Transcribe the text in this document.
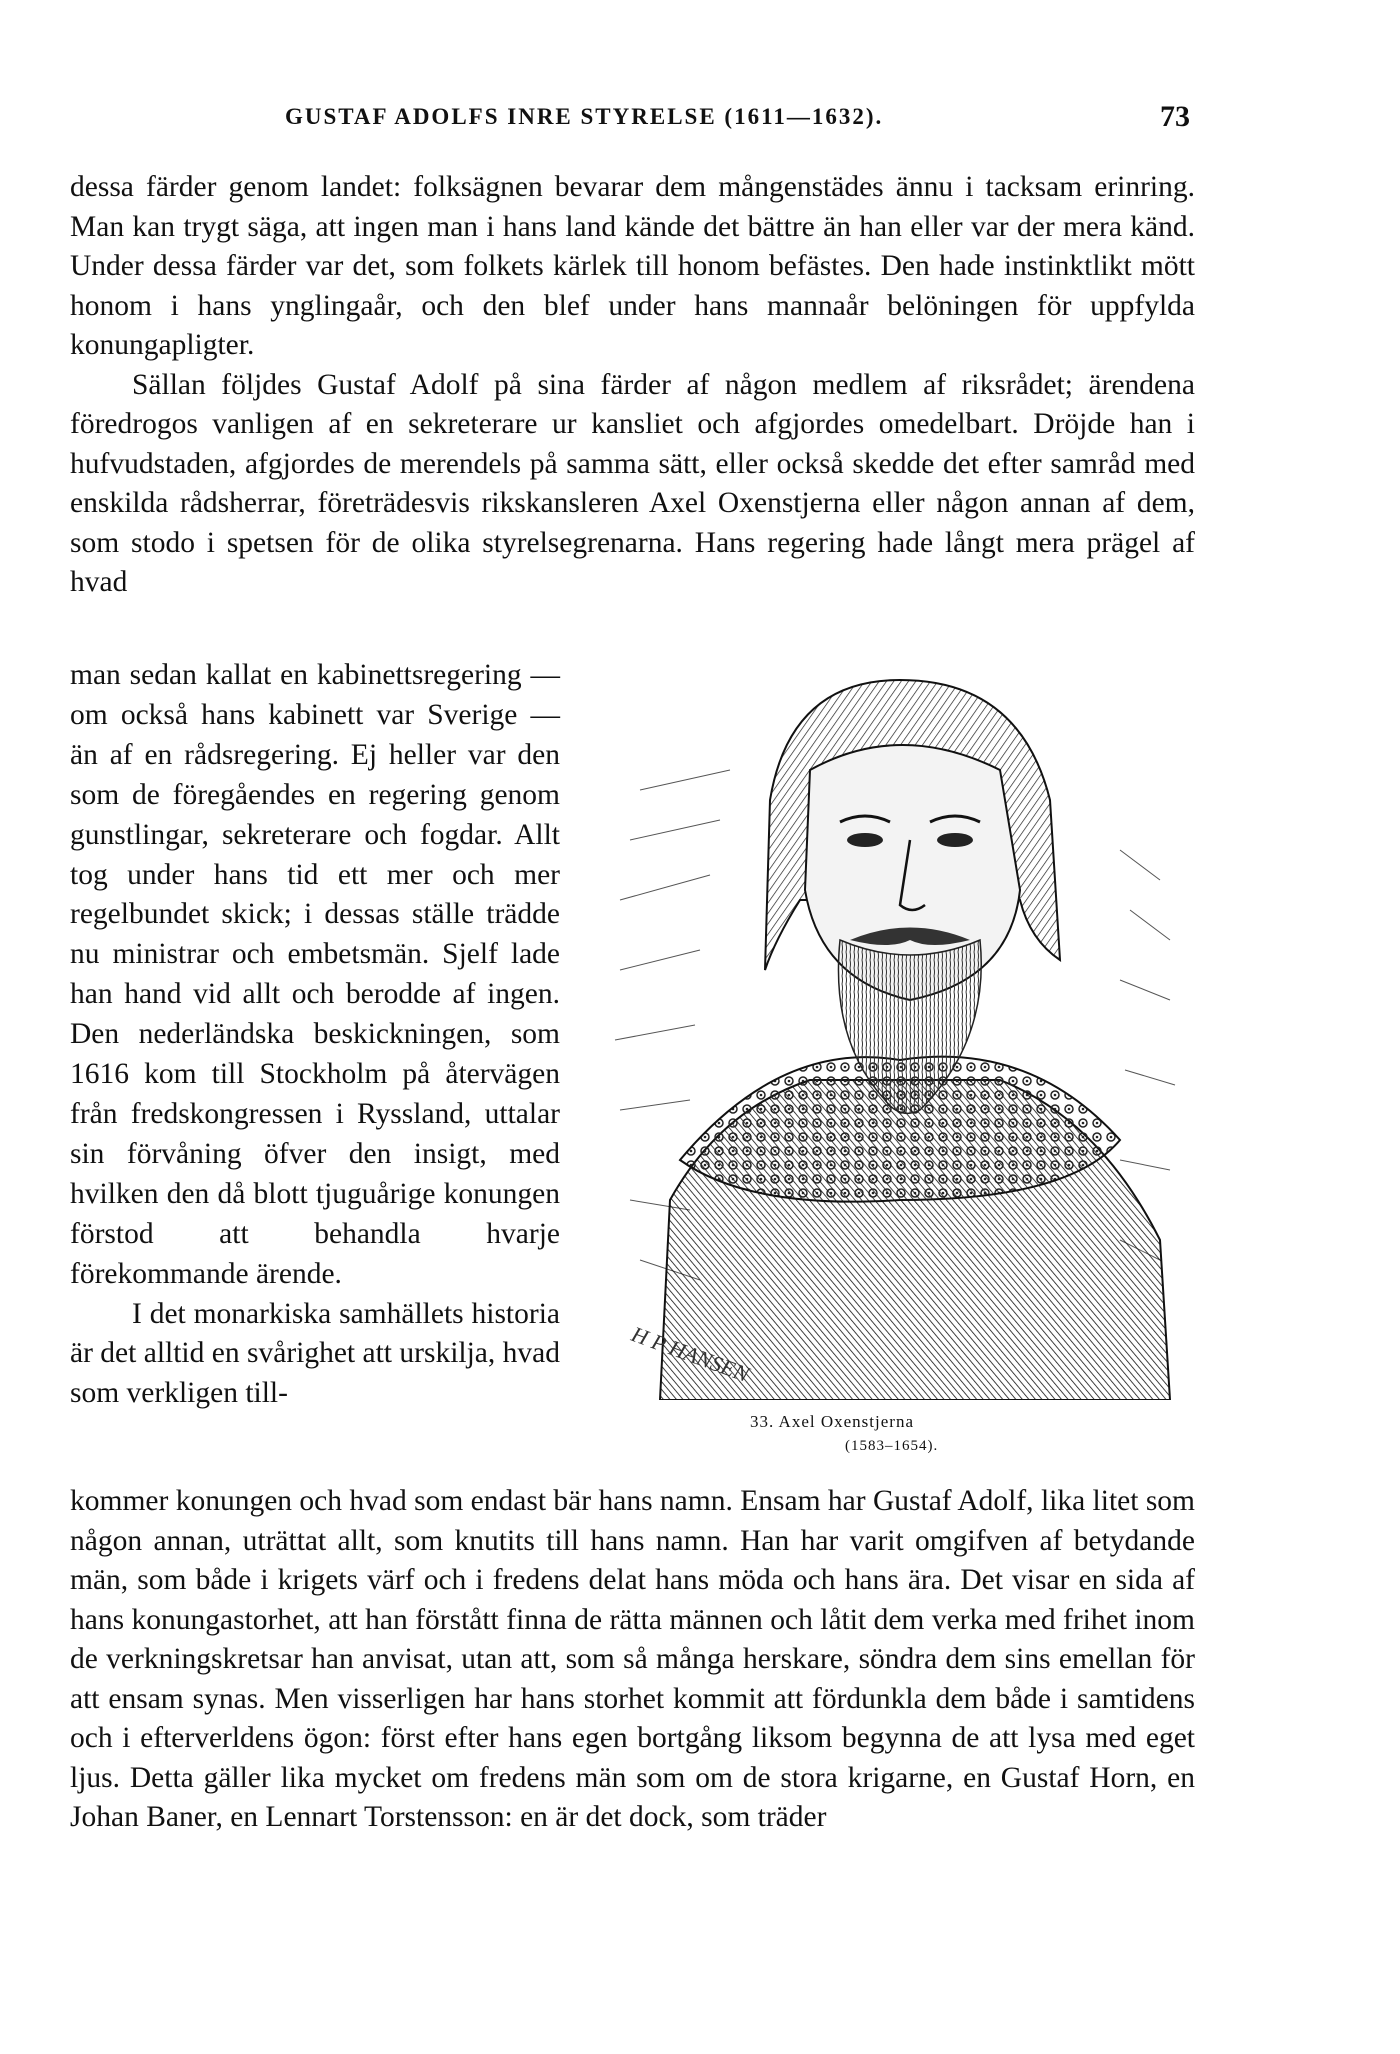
GUSTAF ADOLFS INRE STYRELSE (1611—1632).	73

dessa färder genom landet: folksägnen bevarar dem mångenstädes ännu i tacksam erinring. Man kan trygt säga, att ingen man i hans land kände det bättre än han eller var der mera känd. Under dessa färder var det, som folkets kärlek till honom befästes. Den hade instinktlikt mött honom i hans ynglingaår, och den blef under hans mannaår belöningen för uppfylda konungapligter.

Sällan följdes Gustaf Adolf på sina färder af någon medlem af riksrådet; ärendena föredrogos vanligen af en sekreterare ur kansliet och afgjordes omedelbart. Dröjde han i hufvudstaden, afgjordes de merendels på samma sätt, eller också skedde det efter samråd med enskilda rådsherrar, företrädesvis rikskansleren Axel Oxenstjerna eller någon annan af dem, som stodo i spetsen för de olika styrelsegrenarna. Hans regering hade långt mera prägel af hvad

man sedan kallat en kabinettsregering — om också hans kabinett var Sverige — än af en rådsregering. Ej heller var den som de föregåendes en regering genom gunstlingar, sekreterare och fogdar. Allt tog under hans tid ett mer och mer regelbundet skick; i dessas ställe trädde nu ministrar och embetsmän. Sjelf lade han hand vid allt och berodde af ingen. Den nederländska beskickningen, som 1616 kom till Stockholm på återvägen från fredskongressen i Ryssland, uttalar sin förvåning öfver den insigt, med hvilken den då blott tjuguårige konungen förstod att behandla hvarje förekommande ärende.

I det monarkiska samhällets historia är det alltid en svårighet att urskilja, hvad som verkligen till-

H P HANSEN
33. Axel Oxenstjerna
(1583–1654).

kommer konungen och hvad som endast bär hans namn. Ensam har Gustaf Adolf, lika litet som någon annan, uträttat allt, som knutits till hans namn. Han har varit omgifven af betydande män, som både i krigets värf och i fredens delat hans möda och hans ära. Det visar en sida af hans konungastorhet, att han förstått finna de rätta männen och låtit dem verka med frihet inom de verkningskretsar han anvisat, utan att, som så många herskare, söndra dem sins emellan för att ensam synas. Men visserligen har hans storhet kommit att fördunkla dem både i samtidens och i efterverldens ögon: först efter hans egen bortgång liksom begynna de att lysa med eget ljus. Detta gäller lika mycket om fredens män som om de stora krigarne, en Gustaf Horn, en Johan Baner, en Lennart Torstensson: en är det dock, som träder
